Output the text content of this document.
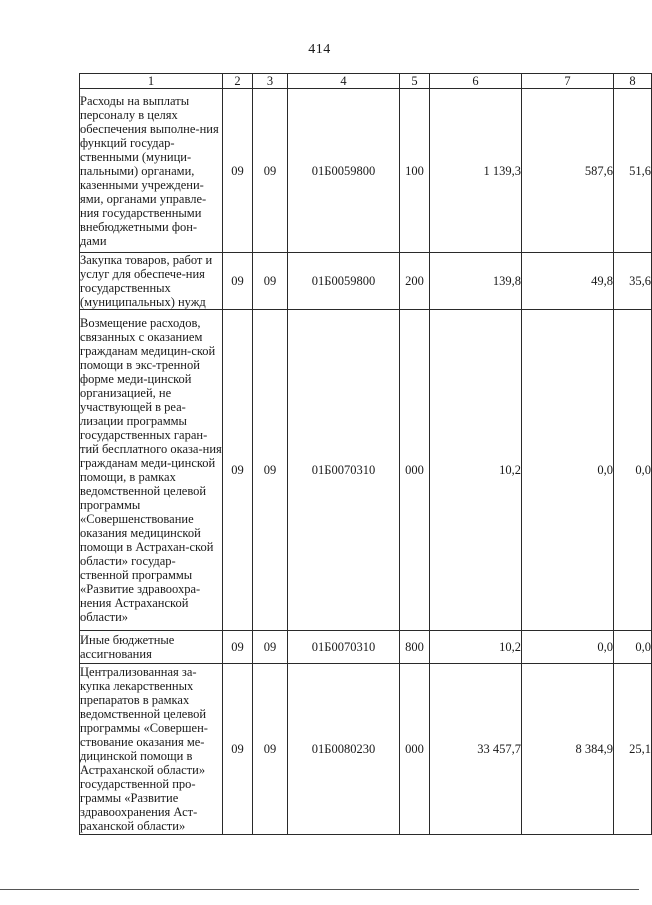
414
1	2	3	4	5	6	7	8
Расходы на выплаты персоналу в целях обеспечения выполне-ния функций государ-ственными (муници-пальными) органами, казенными учреждени-ями, органами управле-ния государственными внебюджетными фон-дами	09	09	01Б0059800	100	1 139,3	587,6	51,6
Закупка товаров, работ и услуг для обеспече-ния государственных (муниципальных) нужд	09	09	01Б0059800	200	139,8	49,8	35,6
Возмещение расходов, связанных с оказанием гражданам медицин-ской помощи в экс-тренной форме меди-цинской организацией, не участвующей в реа-лизации программы государственных гаран-тий бесплатного оказа-ния гражданам меди-цинской помощи, в рамках ведомственной целевой программы «Совершенствование оказания медицинской помощи в Астрахан-ской области» государ-ственной программы «Развитие здравоохра-нения Астраханской области»	09	09	01Б0070310	000	10,2	0,0	0,0
Иные бюджетные ассигнования	09	09	01Б0070310	800	10,2	0,0	0,0
Централизованная за-купка лекарственных препаратов в рамках ведомственной целевой программы «Совершен-ствование оказания ме-дицинской помощи в Астраханской области» государственной про-граммы «Развитие здравоохранения Аст-раханской области»	09	09	01Б0080230	000	33 457,7	8 384,9	25,1
